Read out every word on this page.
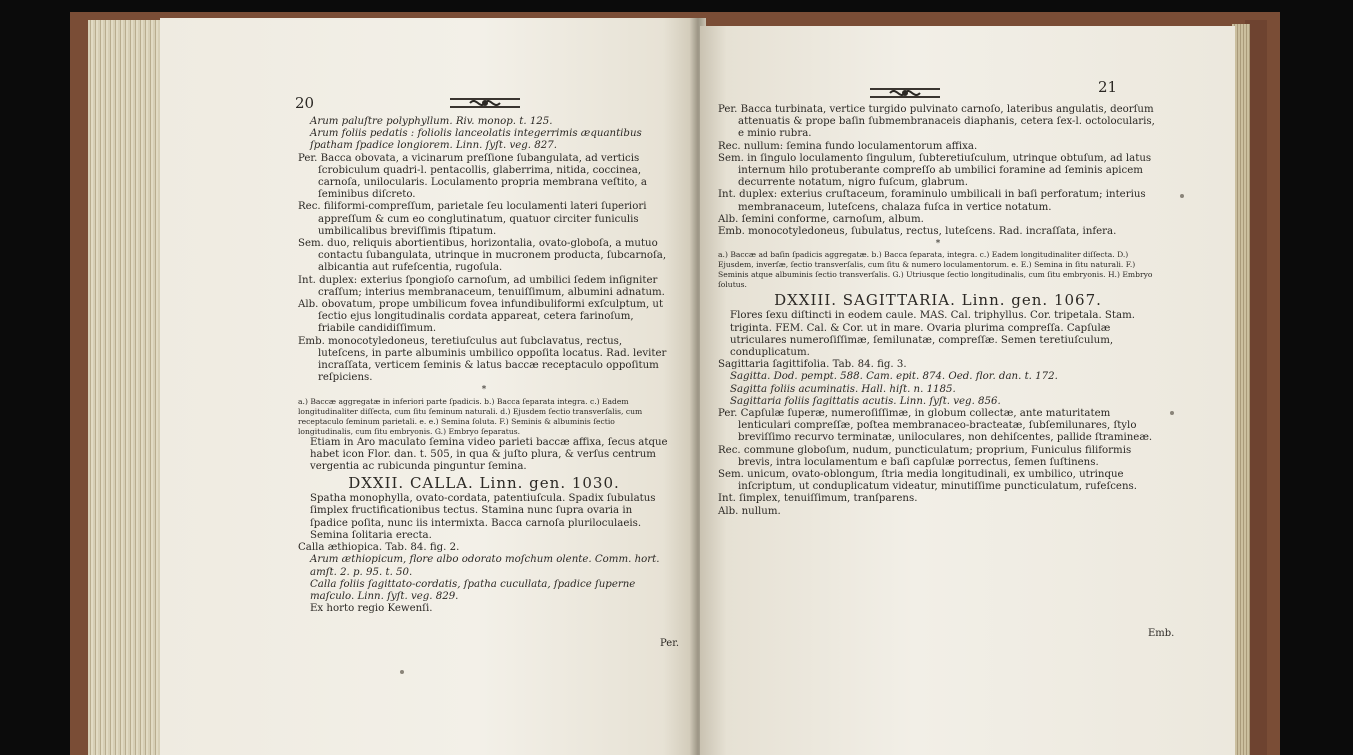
20

Arum paluſtre polyphyllum. Riv. monop. t. 125.

Arum foliis pedatis : foliolis lanceolatis integerrimis æquantibus ſpatham ſpadice longiorem. Linn. ſyſt. veg. 827.

Per. Bacca obovata, a vicinarum preſſione ſubangulata, ad verticis ſcrobiculum quadri-l. pentacollis, glaberrima, nitida, coccinea, carnoſa, unilocularis. Loculamento propria membrana veſtito, a ſeminibus diſcreto.

Rec. filiformi-compreſſum, parietale ſeu loculamenti lateri ſuperiori appreſſum & cum eo conglutinatum, quatuor circiter funiculis umbilicalibus breviſſimis ſtipatum.

Sem. duo, reliquis abortientibus, horizontalia, ovato-globoſa, a mutuo contactu ſubangulata, utrinque in mucronem producta, ſubcarnoſa, albicantia aut rufeſcentia, rugoſula.

Int. duplex: exterius ſpongioſo carnoſum, ad umbilici ſedem inſigniter craſſum; interius membranaceum, tenuiſſimum, albumini adnatum.

Alb. obovatum, prope umbilicum fovea infundibuliformi exſculptum, ut ſectio ejus longitudinalis cordata appareat, cetera farinoſum, friabile candidiſſimum.

Emb. monocotyledoneus, teretiuſculus aut ſubclavatus, rectus, luteſcens, in parte albuminis umbilico oppoſita locatus. Rad. leviter incraſſata, verticem ſeminis & latus baccæ receptaculo oppoſitum reſpiciens.

*

a.) Baccæ aggregatæ in inferiori parte ſpadicis. b.) Bacca ſeparata integra. c.) Eadem longitudinaliter diſſecta, cum ſitu ſeminum naturali. d.) Ejusdem ſectio transverſalis, cum receptaculo ſeminum parietali. e. e.) Semina ſoluta. F.) Seminis & albuminis ſectio longitudinalis, cum ſitu embryonis. G.) Embryo ſeparatus.

Etiam in Aro maculato ſemina video parieti baccæ affixa, ſecus atque habet icon Flor. dan. t. 505, in qua & juſto plura, & verſus centrum vergentia ac rubicunda pinguntur ſemina.

DXXII. CALLA. Linn. gen. 1030.

Spatha monophylla, ovato-cordata, patentiuſcula. Spadix ſubulatus ſimplex fructificationibus tectus. Stamina nunc ſupra ovaria in ſpadice poſita, nunc iis intermixta. Bacca carnoſa pluriloculaeis. Semina ſolitaria erecta.

Calla æthiopica. Tab. 84. fig. 2.

Arum æthiopicum, flore albo odorato moſchum olente. Comm. hort. amſt. 2. p. 95. t. 50.

Calla foliis ſagittato-cordatis, ſpatha cucullata, ſpadice ſuperne maſculo. Linn. ſyſt. veg. 829.

Ex horto regio Kewenſi.

Per.
21

Per. Bacca turbinata, vertice turgido pulvinato carnoſo, lateribus angulatis, deorſum attenuatis & prope baſin ſubmembranaceis diaphanis, cetera ſex-l. octolocularis, e minio rubra.

Rec. nullum: ſemina fundo loculamentorum affixa.

Sem. in ſingulo loculamento ſingulum, ſubteretiuſculum, utrinque obtuſum, ad latus internum hilo protuberante compreſſo ab umbilici foramine ad ſeminis apicem decurrente notatum, nigro fuſcum, glabrum.

Int. duplex: exterius cruſtaceum, foraminulo umbilicali in baſi perforatum; interius membranaceum, luteſcens, chalaza fuſca in vertice notatum.

Alb. ſemini conforme, carnoſum, album.

Emb. monocotyledoneus, ſubulatus, rectus, luteſcens. Rad. incraſſata, infera.

*

a.) Baccæ ad baſin ſpadicis aggregatæ. b.) Bacca ſeparata, integra. c.) Eadem longitudinaliter diſſecta. D.) Ejusdem, inverſæ, ſectio transverſalis, cum ſitu & numero loculamentorum. e. E.) Semina in ſitu naturali. F.) Seminis atque albuminis ſectio transverſalis. G.) Utriusque ſectio longitudinalis, cum ſitu embryonis. H.) Embryo ſolutus.

DXXIII. SAGITTARIA. Linn. gen. 1067.

Flores ſexu diſtincti in eodem caule. MAS. Cal. triphyllus. Cor. tripetala. Stam. triginta. FEM. Cal. & Cor. ut in mare. Ovaria plurima compreſſa. Capſulæ utriculares numeroſiſſimæ, ſemilunatæ, compreſſæ. Semen teretiuſculum, conduplicatum.

Sagittaria ſagittifolia. Tab. 84. fig. 3.

Sagitta. Dod. pempt. 588. Cam. epit. 874. Oed. flor. dan. t. 172.

Sagitta foliis acuminatis. Hall. hiſt. n. 1185.

Sagittaria foliis ſagittatis acutis. Linn. ſyſt. veg. 856.

Per. Capſulæ ſuperæ, numeroſiſſimæ, in globum collectæ, ante maturitatem lenticulari compreſſæ, poſtea membranaceo-bracteatæ, ſubſemilunares, ſtylo breviſſimo recurvo terminatæ, uniloculares, non dehiſcentes, pallide ſtramineæ.

Rec. commune globoſum, nudum, puncticulatum; proprium, Funiculus filiformis brevis, intra loculamentum e baſi capſulæ porrectus, ſemen ſuſtinens.

Sem. unicum, ovato-oblongum, ſtria media longitudinali, ex umbilico, utrinque inſcriptum, ut conduplicatum videatur, minutiſſime puncticulatum, rufeſcens.

Int. ſimplex, tenuiſſimum, tranſparens.

Alb. nullum.

Emb.
